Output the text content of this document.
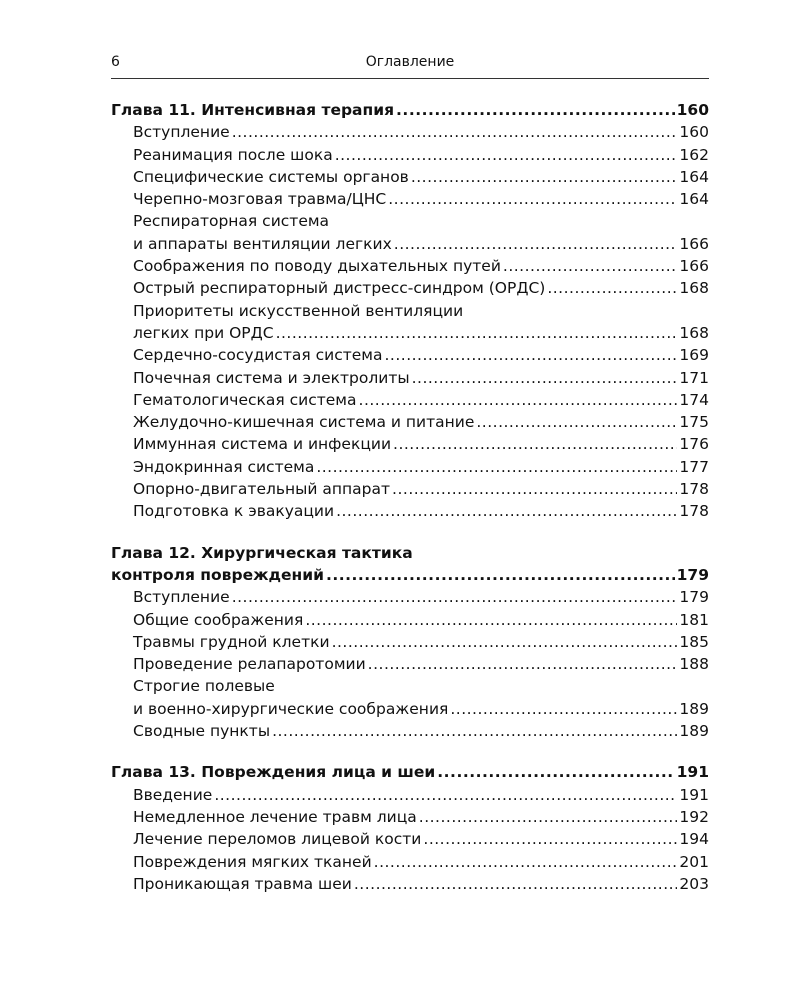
6	Оглавление
Глава 11. Интенсивная терапия .....	160
Вступление .....	160
Реанимация после шока .....	162
Специфические системы органов .....	164
Черепно-мозговая травма/ЦНС .....	164
Респираторная система
и аппараты вентиляции легких .....	166
Соображения по поводу дыхательных путей .....	166
Острый респираторный дистресс-синдром (ОРДС) .....	168
Приоритеты искусственной вентиляции
легких при ОРДС .....	168
Сердечно-сосудистая система .....	169
Почечная система и электролиты .....	171
Гематологическая система .....	174
Желудочно-кишечная система и питание .....	175
Иммунная система и инфекции .....	176
Эндокринная система .....	177
Опорно-двигательный аппарат .....	178
Подготовка к эвакуации .....	178
Глава 12. Хирургическая тактика
контроля повреждений .....	179
Вступление .....	179
Общие соображения .....	181
Травмы грудной клетки .....	185
Проведение релапаротомии .....	188
Строгие полевые
и военно-хирургические соображения .....	189
Сводные пункты .....	189
Глава 13. Повреждения лица и шеи .....	191
Введение .....	191
Немедленное лечение травм лица .....	192
Лечение переломов лицевой кости .....	194
Повреждения мягких тканей .....	201
Проникающая травма шеи .....	203
